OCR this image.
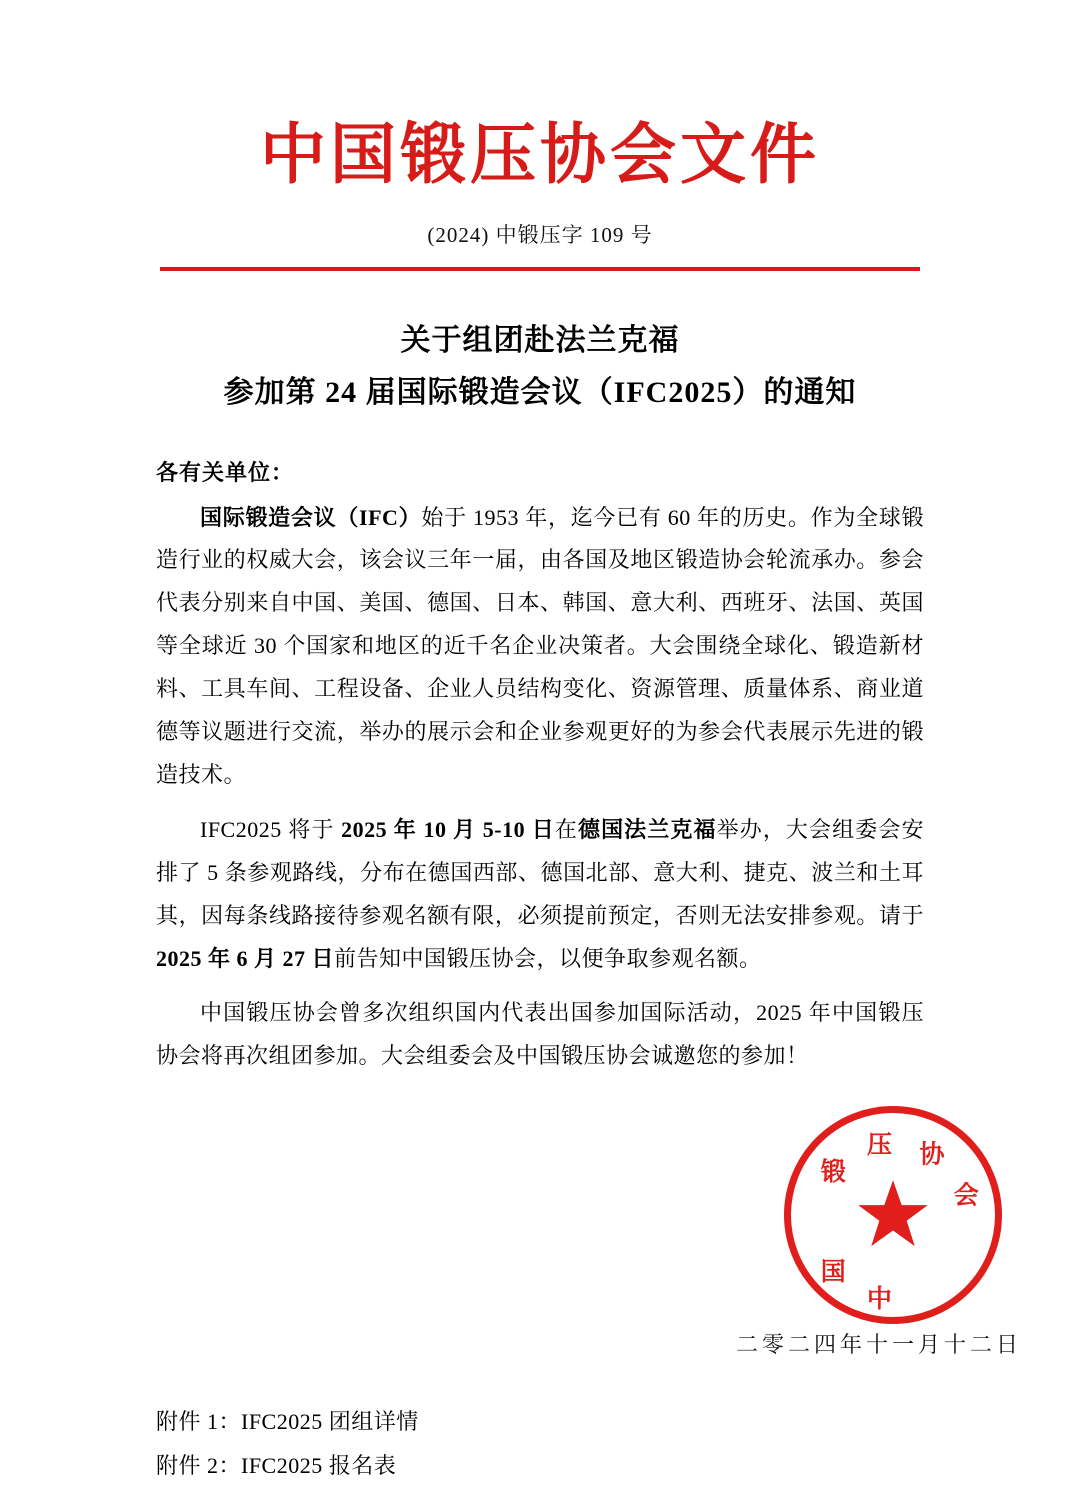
中国锻压协会文件
(2024) 中锻压字 109 号
关于组团赴法兰克福
参加第 24 届国际锻造会议（IFC2025）的通知
各有关单位：

国际锻造会议（IFC）始于 1953 年，迄今已有 60 年的历史。作为全球锻造行业的权威大会，该会议三年一届，由各国及地区锻造协会轮流承办。参会代表分别来自中国、美国、德国、日本、韩国、意大利、西班牙、法国、英国等全球近 30 个国家和地区的近千名企业决策者。大会围绕全球化、锻造新材料、工具车间、工程设备、企业人员结构变化、资源管理、质量体系、商业道德等议题进行交流，举办的展示会和企业参观更好的为参会代表展示先进的锻造技术。

IFC2025 将于 2025 年 10 月 5-10 日在德国法兰克福举办，大会组委会安排了 5 条参观路线，分布在德国西部、德国北部、意大利、捷克、波兰和土耳其，因每条线路接待参观名额有限，必须提前预定，否则无法安排参观。请于 2025 年 6 月 27 日前告知中国锻压协会，以便争取参观名额。

中国锻压协会曾多次组织国内代表出国参加国际活动，2025 年中国锻压协会将再次组团参加。大会组委会及中国锻压协会诚邀您的参加！

中
国
锻
压 协
会
二零二四年十一月十二日
附件 1：IFC2025 团组详情
附件 2：IFC2025 报名表
